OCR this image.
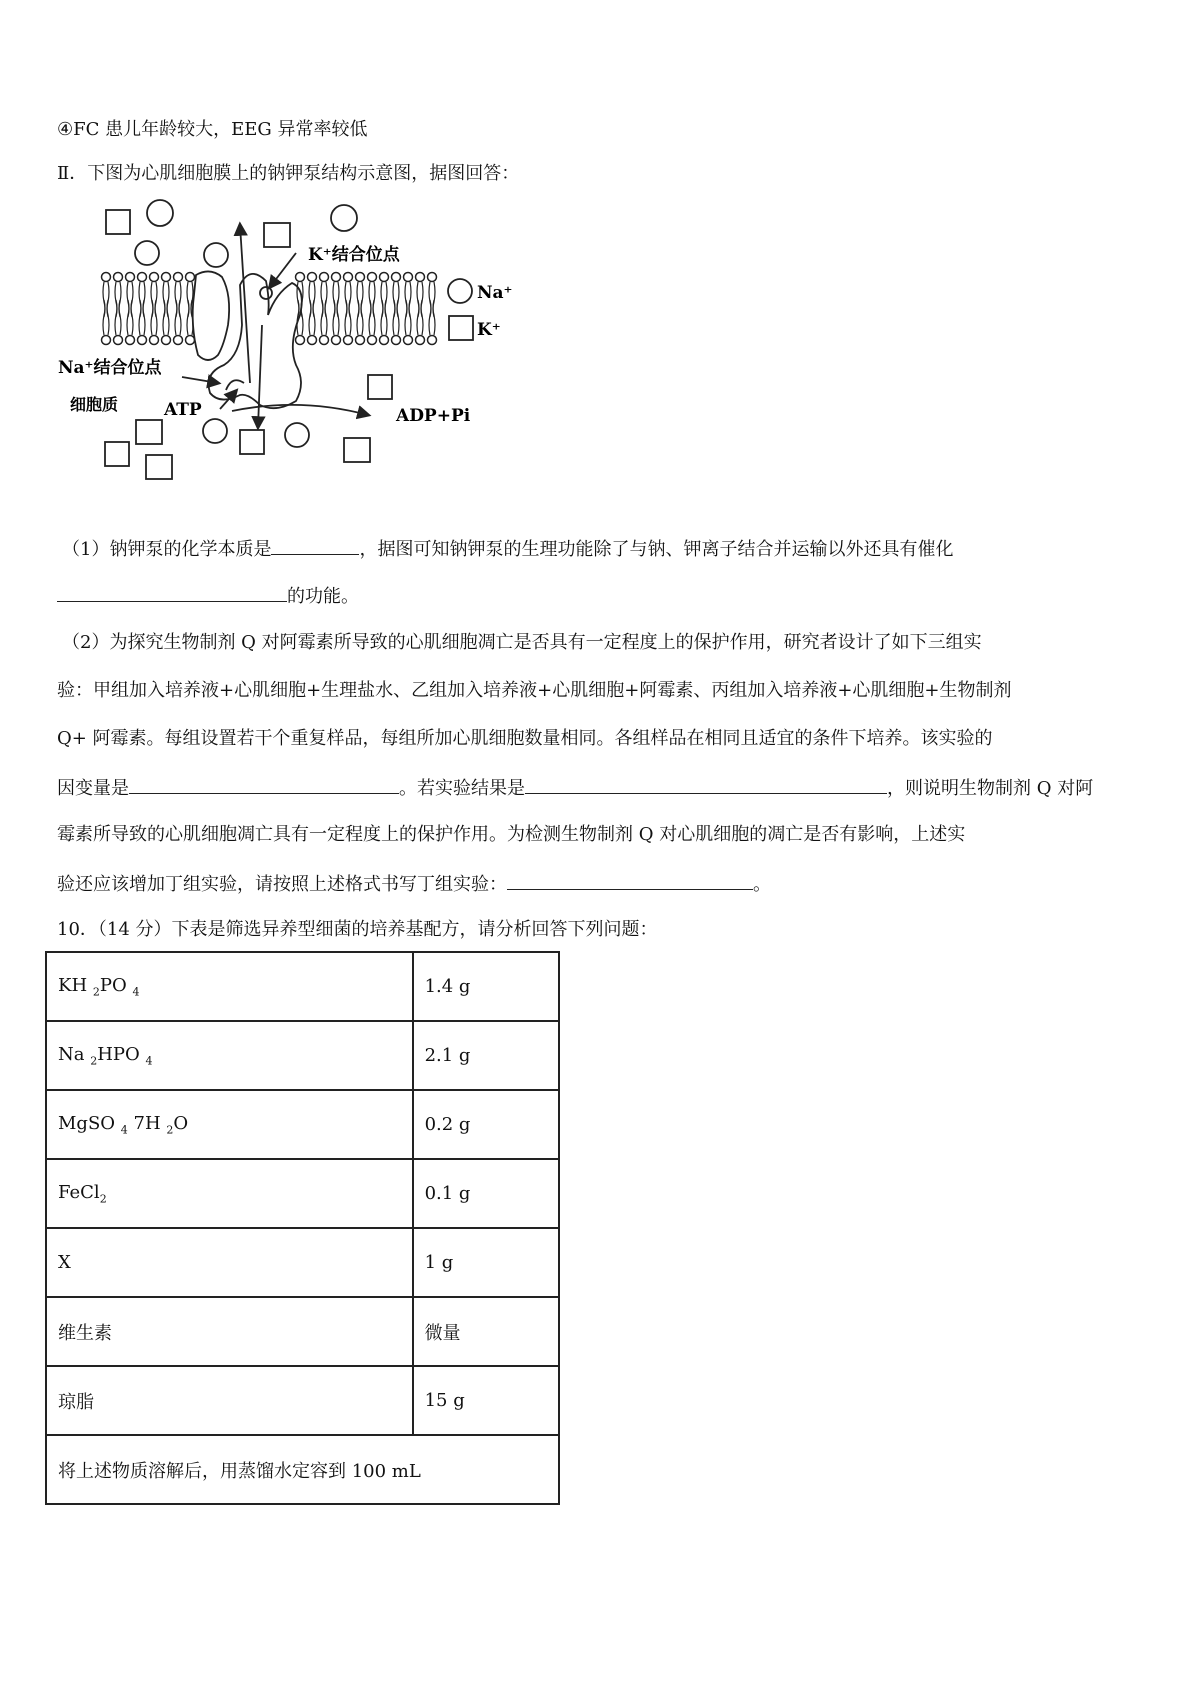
④FC 患儿年龄较大，EEG 异常率较低
Ⅱ．下图为心肌细胞膜上的钠钾泵结构示意图，据图回答：
K⁺结合位点
Na⁺结合位点
细胞质	ATP	ADP+Pi
Na⁺
K⁺
（1）钠钾泵的化学本质是	，据图可知钠钾泵的生理功能除了与钠、钾离子结合并运输以外还具有催化
的功能。
（2）为探究生物制剂 Q 对阿霉素所导致的心肌细胞凋亡是否具有一定程度上的保护作用，研究者设计了如下三组实
验：甲组加入培养液+心肌细胞+生理盐水、乙组加入培养液+心肌细胞+阿霉素、丙组加入培养液+心肌细胞+生物制剂
Q+ 阿霉素。每组设置若干个重复样品，每组所加心肌细胞数量相同。各组样品在相同且适宜的条件下培养。该实验的
因变量是	。若实验结果是	，则说明生物制剂 Q 对阿
霉素所导致的心肌细胞凋亡具有一定程度上的保护作用。为检测生物制剂 Q 对心肌细胞的凋亡是否有影响，上述实
验还应该增加丁组实验，请按照上述格式书写丁组实验：	。
10．（14 分）下表是筛选异养型细菌的培养基配方，请分析回答下列问题：
KH $_2$PO $_4$	1.4 g
Na $_2$HPO $_4$	2.1 g
MgSO $_4$ 7H $_2$O	0.2 g
FeCl$_2$	0.1 g
X	1 g
维生素	微量
琼脂	15 g
将上述物质溶解后，用蒸馏水定容到 100 mL	
